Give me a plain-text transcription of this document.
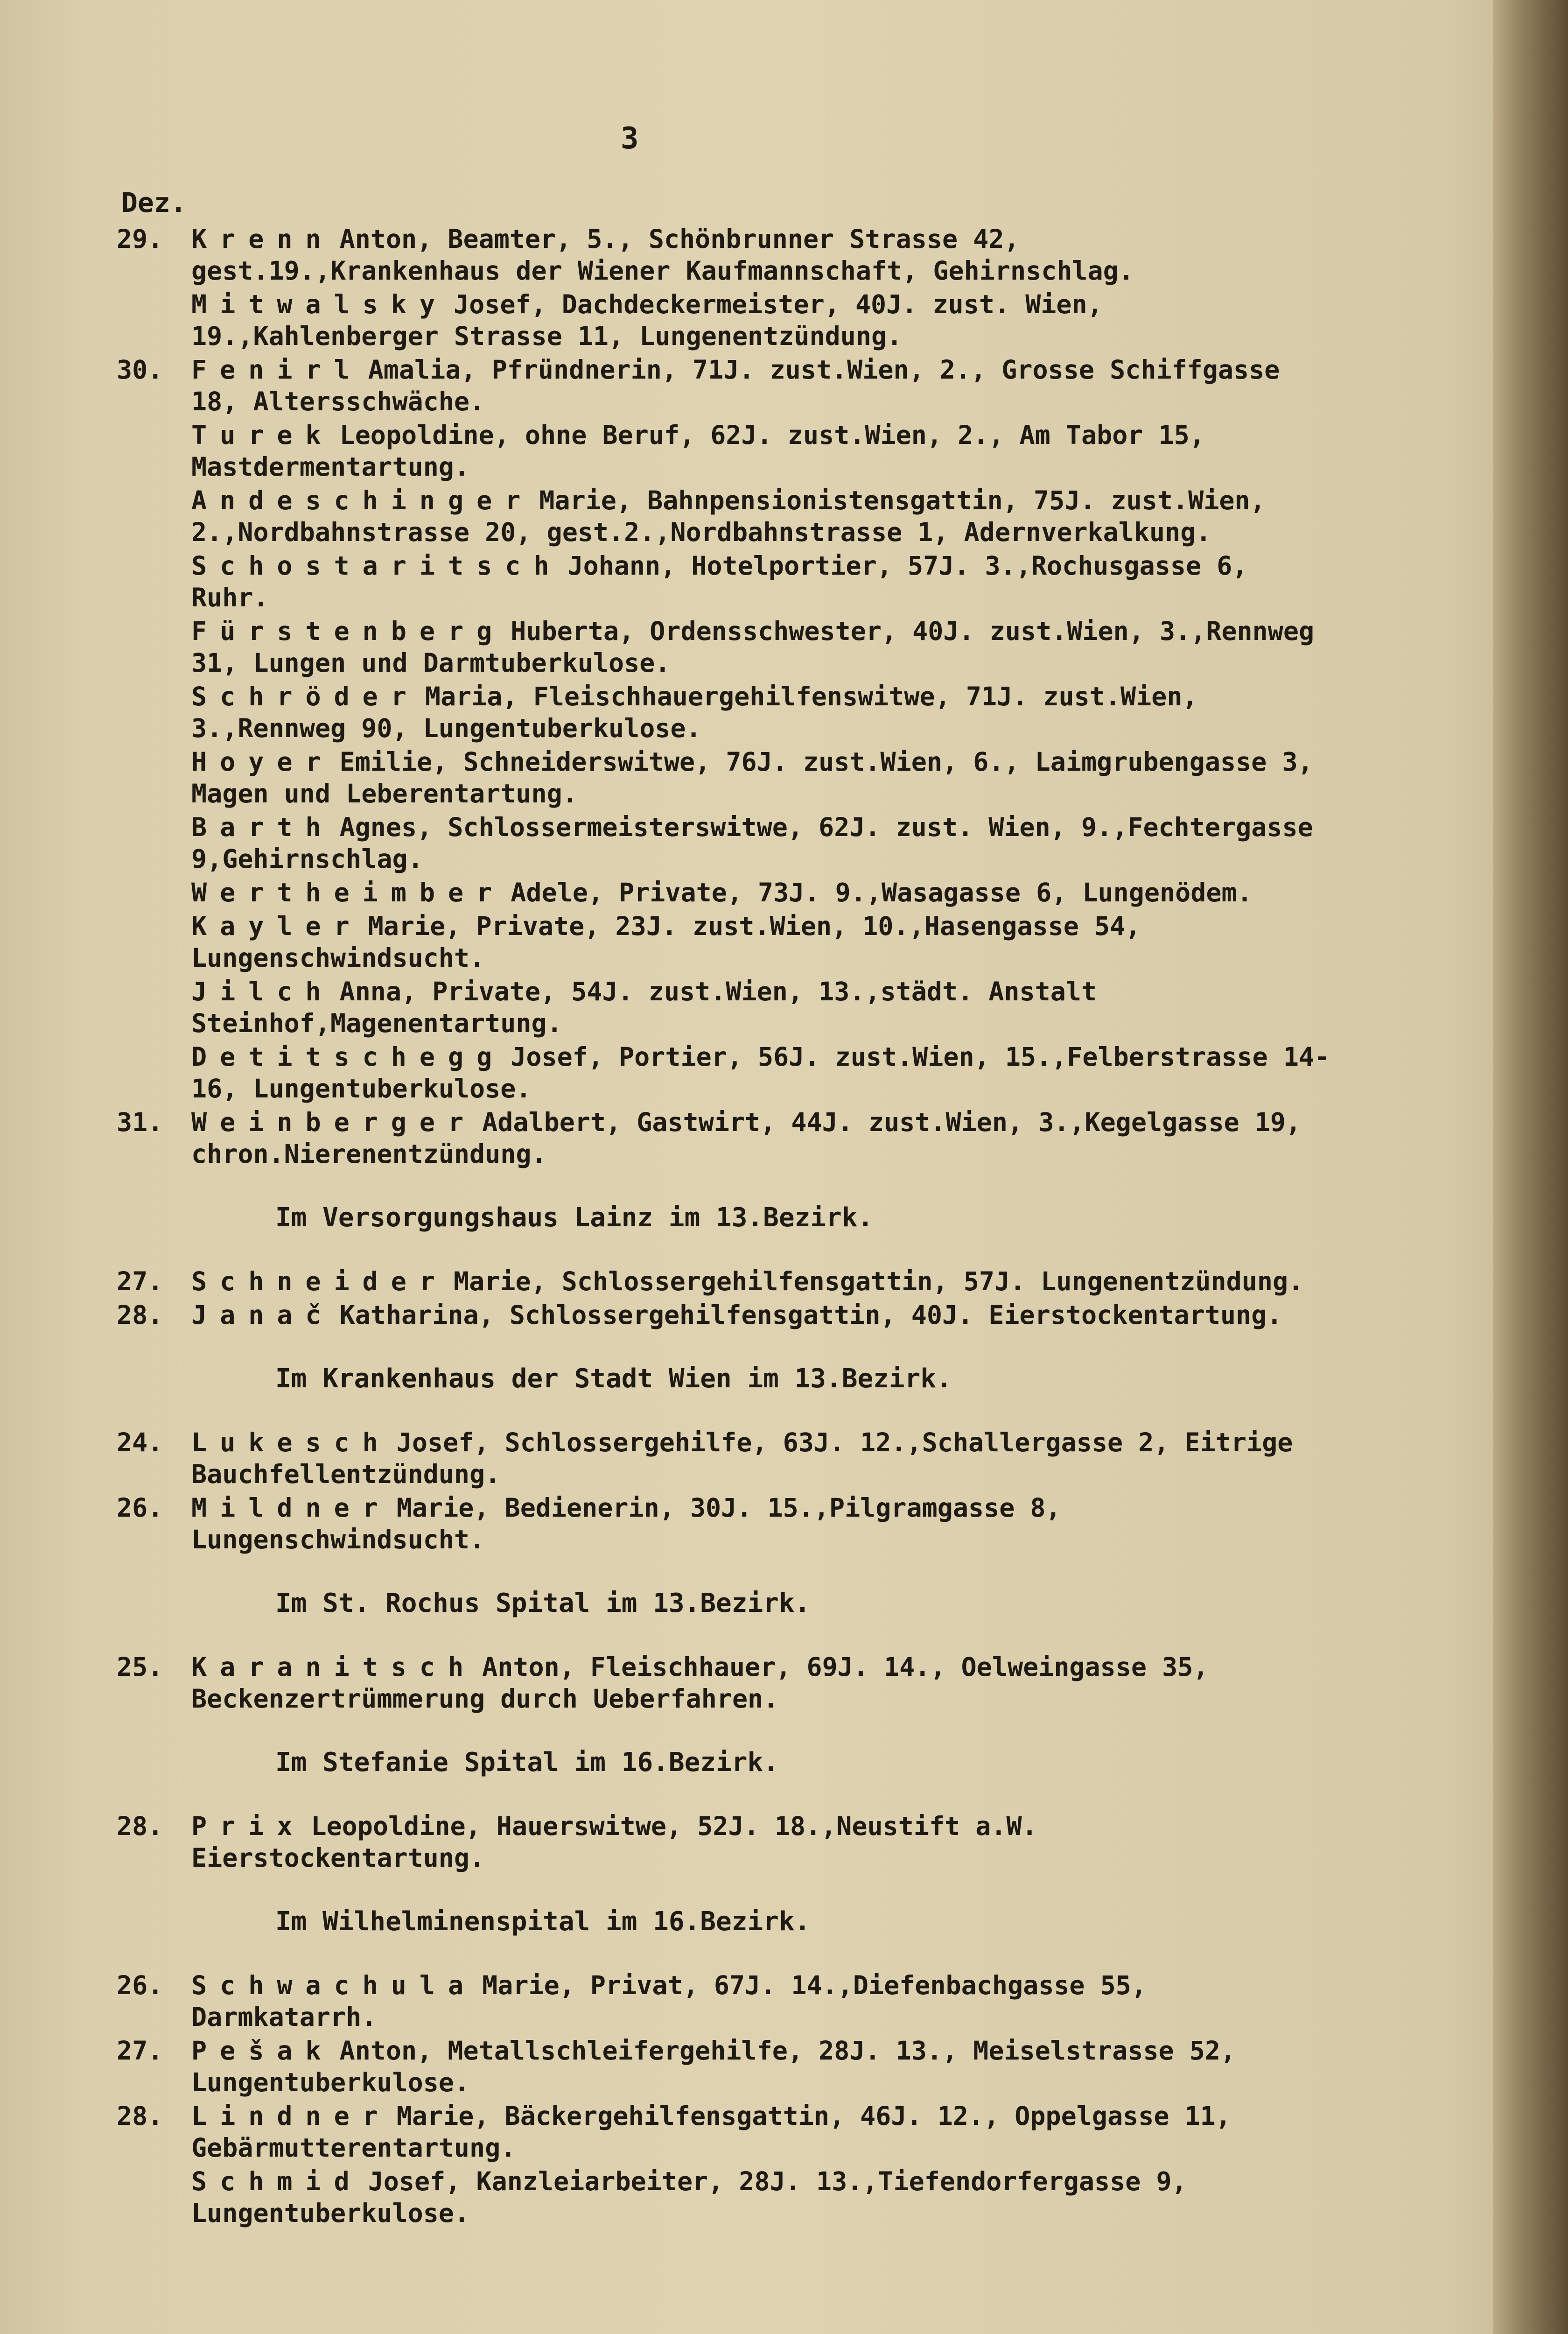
3
Dez.
29.	Krenn Anton, Beamter, 5., Schönbrunner Strasse 42, gest.19.,Krankenhaus der Wiener Kaufmannschaft, Gehirnschlag.
Mitwalsky Josef, Dachdeckermeister, 40J. zust. Wien, 19.,Kahlenberger Strasse 11, Lungenentzündung.
30.	Fenirl Amalia, Pfründnerin, 71J. zust.Wien, 2., Grosse Schiffgasse 18, Altersschwäche.
Turek Leopoldine, ohne Beruf, 62J. zust.Wien, 2., Am Tabor 15, Mastdermentartung.
Andeschinger Marie, Bahnpensionistensgattin, 75J. zust.Wien, 2.,Nordbahnstrasse 20, gest.2.,Nordbahnstrasse 1, Adernverkalkung.
Schostaritsch Johann, Hotelportier, 57J. 3.,Rochusgasse 6, Ruhr.
Fürstenberg Huberta, Ordensschwester, 40J. zust.Wien, 3.,Rennweg 31, Lungen und Darmtuberkulose.
Schröder Maria, Fleischhauergehilfenswitwe, 71J. zust.Wien, 3.,Rennweg 90, Lungentuberkulose.
Hoyer Emilie, Schneiderswitwe, 76J. zust.Wien, 6., Laimgrubengasse 3, Magen und Leberentartung.
Barth Agnes, Schlossermeisterswitwe, 62J. zust. Wien, 9.,Fechtergasse 9,Gehirnschlag.
Wertheimber Adele, Private, 73J. 9.,Wasagasse 6, Lungenödem.
Kayler Marie, Private, 23J. zust.Wien, 10.,Hasengasse 54, Lungenschwindsucht.
Jilch Anna, Private, 54J. zust.Wien, 13.,städt. Anstalt Steinhof,Magenentartung.
Detitschegg Josef, Portier, 56J. zust.Wien, 15.,Felberstrasse 14-16, Lungentuberkulose.
31.	Weinberger Adalbert, Gastwirt, 44J. zust.Wien, 3.,Kegelgasse 19, chron.Nierenentzündung.
Im Versorgungshaus Lainz im 13.Bezirk.
27.	Schneider Marie, Schlossergehilfensgattin, 57J. Lungenentzündung.
28.	Janač Katharina, Schlossergehilfensgattin, 40J. Eierstockentartung.
Im Krankenhaus der Stadt Wien im 13.Bezirk.
24.	Lukesch Josef, Schlossergehilfe, 63J. 12.,Schallergasse 2, Eitrige Bauchfellentzündung.
26.	Mildner Marie, Bedienerin, 30J. 15.,Pilgramgasse 8, Lungenschwindsucht.
Im St. Rochus Spital im 13.Bezirk.
25.	Karanitsch Anton, Fleischhauer, 69J. 14., Oelweingasse 35, Beckenzertrümmerung durch Ueberfahren.
Im Stefanie Spital im 16.Bezirk.
28.	Prix Leopoldine, Hauerswitwe, 52J. 18.,Neustift a.W. Eierstockentartung.
Im Wilhelminenspital im 16.Bezirk.
26.	Schwachula Marie, Privat, 67J. 14.,Diefenbachgasse 55, Darmkatarrh.
27.	Pešak Anton, Metallschleifergehilfe, 28J. 13., Meiselstrasse 52, Lungentuberkulose.
28.	Lindner Marie, Bäckergehilfensgattin, 46J. 12., Oppelgasse 11, Gebärmutterentartung.
Schmid Josef, Kanzleiarbeiter, 28J. 13.,Tiefendorfergasse 9, Lungentuberkulose.
